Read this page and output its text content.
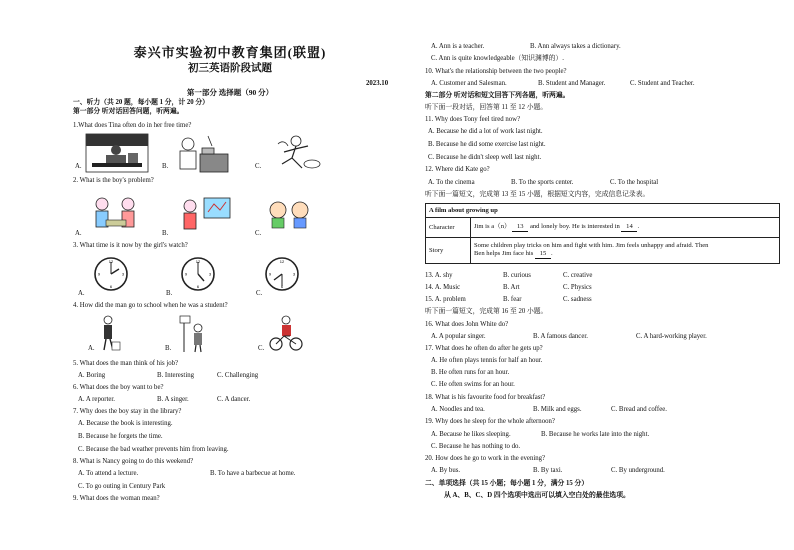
泰兴市实验初中教育集团(联盟)
初三英语阶段试题
2023.10
第一部分 选择题（90 分）
一、听力（共 20 题，每小题 1 分，计 20 分）
第一部分 听对话回答问题，听两遍。
1.What does Tina often do in her free time?
A.	B.	C.
2. What is the boy's problem?
A.	B.	C.
3. What time is it now by the girl's watch?
A.
12
3
6
9
B.
12
3
6
9
C.
12
3
6
9
4. How did the man go to school when he was a student?
A.	B.	C.
5. What does the man think of his job?
A. Boring	B. Interesting	C. Challenging
6. What does the boy want to be?
A. A reporter.	B. A singer.	C. A dancer.
7. Why does the boy stay in the library?
A. Because the book is interesting.
B. Because he forgets the time.
C. Because the bad weather prevents him from leaving.
8. What is Nancy going to do this weekend?
A. To attend a lecture.	B. To have a barbecue at home.
C. To go outing in Century Park
9. What does the woman mean?
A. Ann is a teacher.	B. Ann always takes a dictionary.
C. Ann is quite knowledgeable（知识渊博的）.
10. What's the relationship between the two people?
A. Customer and Salesman.	B. Student and Manager.	C. Student and Teacher.
第二部分 听对话和短文回答下列各题，听两遍。
听下面一段对话，回答第 11 至 12 小题。
11. Why does Tony feel tired now?
A. Because he did a lot of work last night.
B. Because he did some exercise last night.
C. Because he didn't sleep well last night.
12. Where did Kate go?
A. To the cinema	B. To the sports center.	C. To the hospital
听下面一篇短文，完成第 13 至 15 小题，根据短文内容，完成信息记录表。
A film about growing up	
Character	Jim is a（n） 13 and lonely boy. He is interested in 14 .
Story	Some children play tricks on him and fight with him. Jim feels unhappy and afraid. Then
Ben helps Jim face his 15 .
13. A. shy	B. curious	C. creative
14. A. Music	B. Art	C. Physics
15. A. problem	B. fear	C. sadness
听下面一篇短文，完成第 16 至 20 小题。
16. What does John White do?
A. A popular singer.	B. A famous dancer.	C. A hard-working player.
17. What does he often do after he gets up?
A. He often plays tennis for half an hour.
B. He often runs for an hour.
C. He often swims for an hour.
18. What is his favourite food for breakfast?
A. Noodles and tea.	B. Milk and eggs.	C. Bread and coffee.
19. Why does he sleep for the whole afternoon?
A. Because he likes sleeping.	B. Because he works late into the night.
C. Because he has nothing to do.
20. How does he go to work in the evening?
A. By bus.	B. By taxi.	C. By underground.
二、单项选择（共 15 小题；每小题 1 分，满分 15 分）
从 A、B、C、D 四个选项中选出可以填入空白处的最佳选项。
